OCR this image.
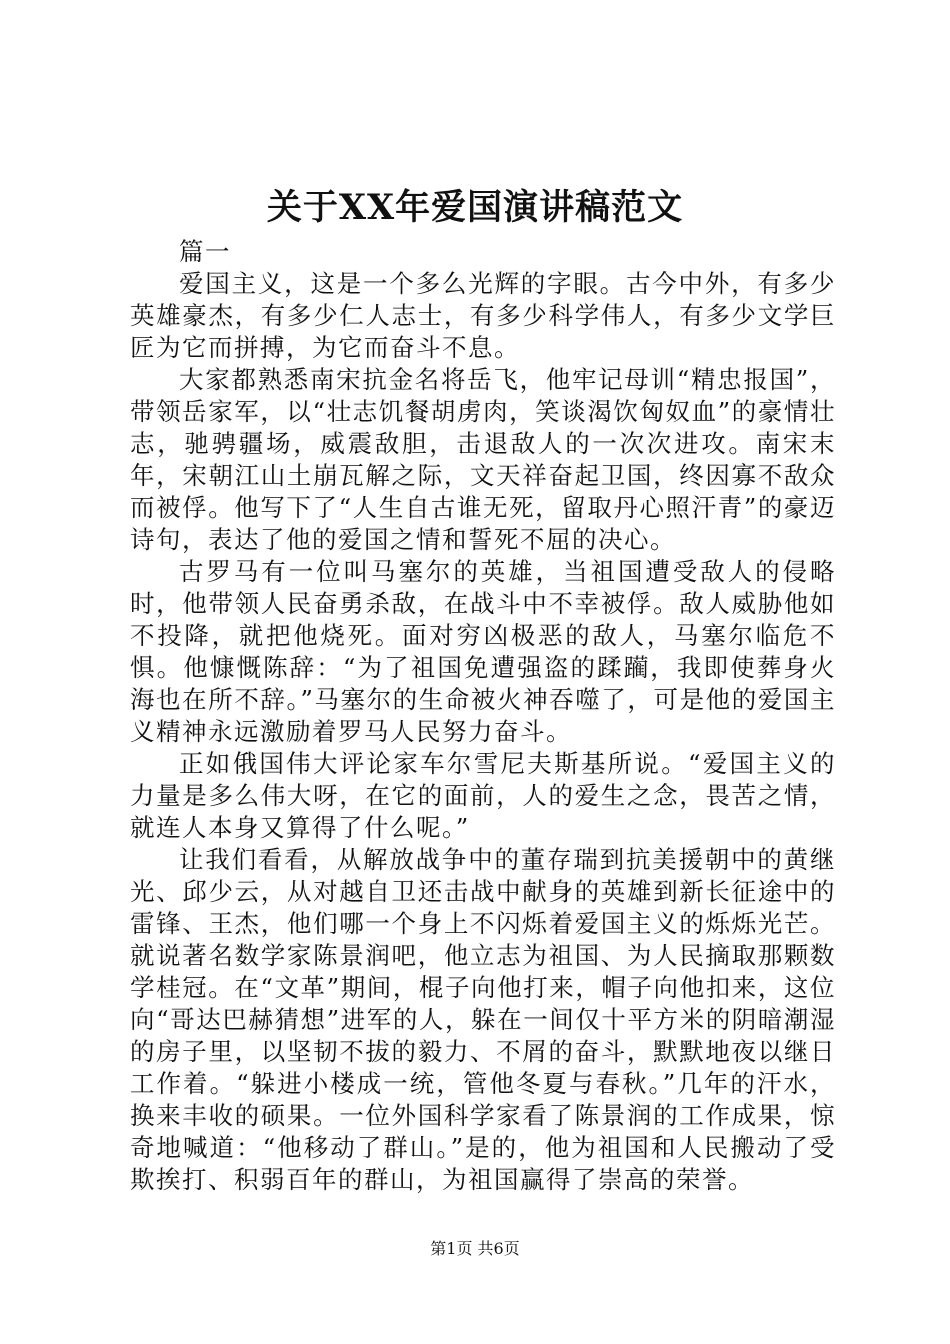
关于XX年爱国演讲稿范文

篇一

爱国主义，这是一个多么光辉的字眼。古今中外，有多少英雄豪杰，有多少仁人志士，有多少科学伟人，有多少文学巨匠为它而拼搏，为它而奋斗不息。

大家都熟悉南宋抗金名将岳飞，他牢记母训“精忠报国”，带领岳家军，以“壮志饥餐胡虏肉，笑谈渴饮匈奴血”的豪情壮志，驰骋疆场，威震敌胆，击退敌人的一次次进攻。南宋末年，宋朝江山土崩瓦解之际，文天祥奋起卫国，终因寡不敌众而被俘。他写下了“人生自古谁无死，留取丹心照汗青”的豪迈诗句，表达了他的爱国之情和誓死不屈的决心。

古罗马有一位叫马塞尔的英雄，当祖国遭受敌人的侵略时，他带领人民奋勇杀敌，在战斗中不幸被俘。敌人威胁他如不投降，就把他烧死。面对穷凶极恶的敌人，马塞尔临危不惧。他慷慨陈辞：“为了祖国免遭强盗的蹂躏，我即使葬身火海也在所不辞。”马塞尔的生命被火神吞噬了，可是他的爱国主义精神永远激励着罗马人民努力奋斗。

正如俄国伟大评论家车尔雪尼夫斯基所说。“爱国主义的力量是多么伟大呀，在它的面前，人的爱生之念，畏苦之情，就连人本身又算得了什么呢。”

让我们看看，从解放战争中的董存瑞到抗美援朝中的黄继光、邱少云，从对越自卫还击战中献身的英雄到新长征途中的雷锋、王杰，他们哪一个身上不闪烁着爱国主义的烁烁光芒。就说著名数学家陈景润吧，他立志为祖国、为人民摘取那颗数学桂冠。在“文革”期间，棍子向他打来，帽子向他扣来，这位向“哥达巴赫猜想”进军的人，躲在一间仅十平方米的阴暗潮湿的房子里，以坚韧不拔的毅力、不屑的奋斗，默默地夜以继日工作着。“躲进小楼成一统，管他冬夏与春秋。”几年的汗水，换来丰收的硕果。一位外国科学家看了陈景润的工作成果，惊奇地喊道：“他移动了群山。”是的，他为祖国和人民搬动了受欺挨打、积弱百年的群山，为祖国赢得了崇高的荣誉。

第1页 共6页
